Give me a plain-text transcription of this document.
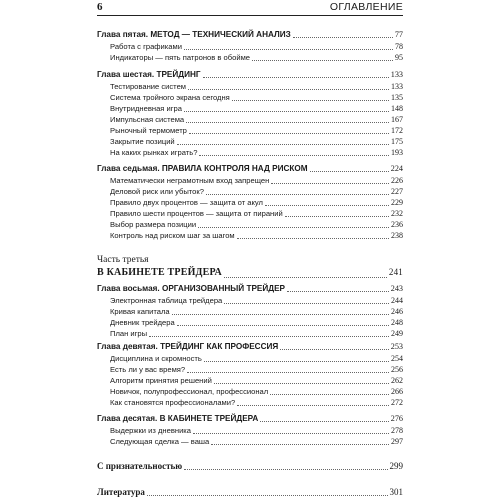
6	ОГЛАВЛЕНИЕ
Глава пятая. МЕТОД — ТЕХНИЧЕСКИЙ АНАЛИЗ	77
Работа с графиками	78
Индикаторы — пять патронов в обойме	95
Глава шестая. ТРЕЙДИНГ	133
Тестирование систем	133
Система тройного экрана сегодня	135
Внутридневная игра	148
Импульсная система	167
Рыночный термометр	172
Закрытие позиций	175
На каких рынках играть?	193
Глава седьмая. ПРАВИЛА КОНТРОЛЯ НАД РИСКОМ	224
Математически неграмотным вход запрещен	226
Деловой риск или убыток?	227
Правило двух процентов — защита от акул	229
Правило шести процентов — защита от пираний	232
Выбор размера позиции	236
Контроль над риском шаг за шагом	238
Часть третья
В КАБИНЕТЕ ТРЕЙДЕРА	241
Глава восьмая. ОРГАНИЗОВАННЫЙ ТРЕЙДЕР	243
Электронная таблица трейдера	244
Кривая капитала	246
Дневник трейдера	248
План игры	249
Глава девятая. ТРЕЙДИНГ КАК ПРОФЕССИЯ	253
Дисциплина и скромность	254
Есть ли у вас время?	256
Алгоритм принятия решений	262
Новичок, полупрофессионал, профессионал	266
Как становятся профессионалами?	272
Глава десятая. В КАБИНЕТЕ ТРЕЙДЕРА	276
Выдержки из дневника	278
Следующая сделка — ваша	297
С признательностью	299
Литература	301
